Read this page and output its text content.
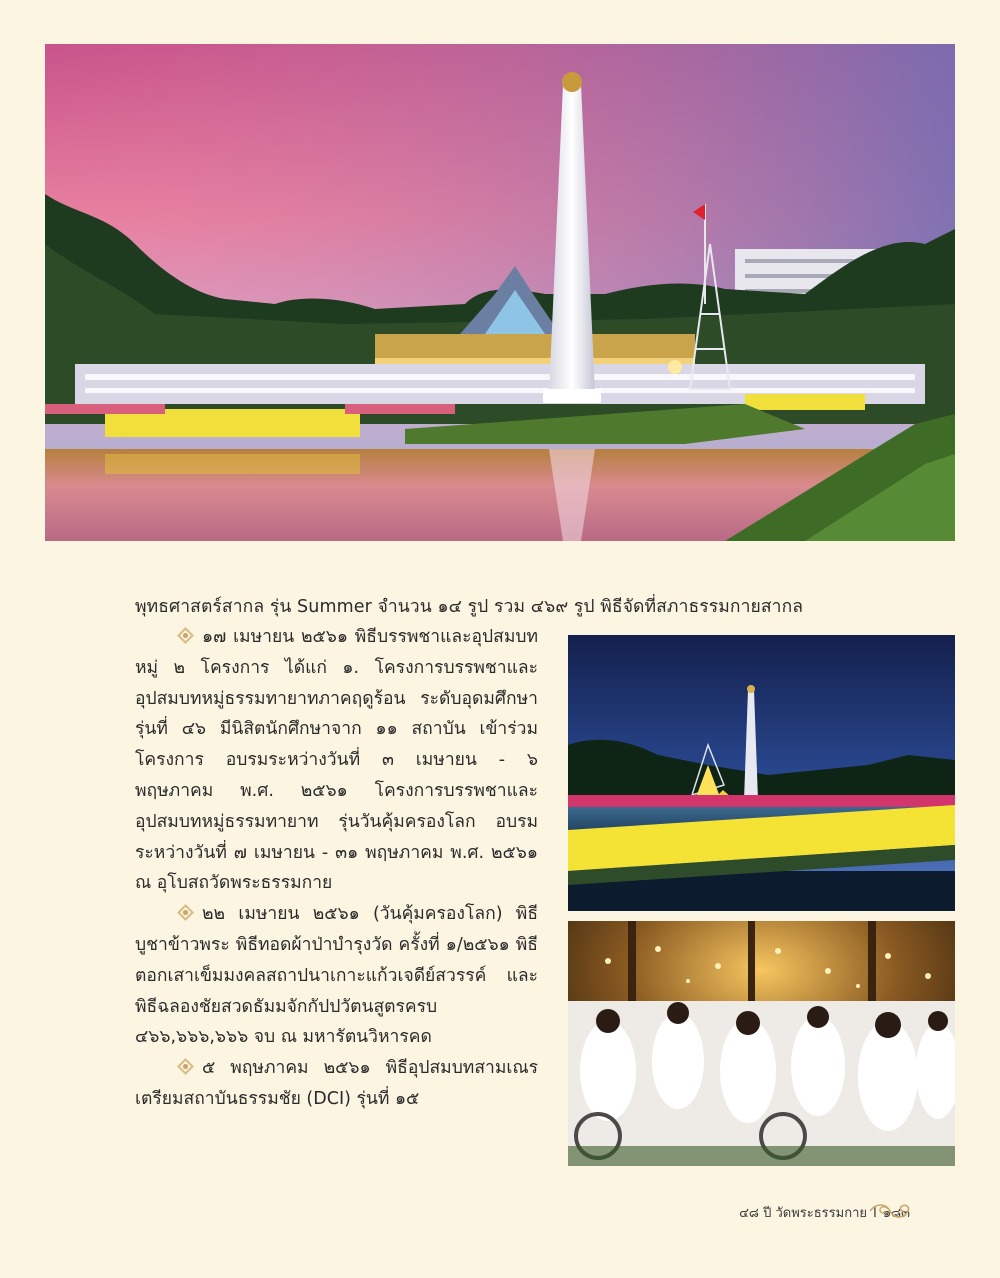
พุทธศาสตร์สากล รุ่น Summer จำนวน ๑๔ รูป รวม ๔๖๙ รูป พิธีจัดที่สภาธรรมกายสากล

๑๗ เมษายน ๒๕๖๑ พิธีบรรพชาและอุปสมบทหมู่ ๒ โครงการ ได้แก่ ๑. โครงการบรรพชาและอุปสมบทหมู่ธรรมทายาทภาคฤดูร้อน ระดับอุดมศึกษา รุ่นที่ ๔๖ มีนิสิตนักศึกษาจาก ๑๑ สถาบัน เข้าร่วมโครงการ อบรมระหว่างวันที่ ๓ เมษายน - ๖ พฤษภาคม พ.ศ. ๒๕๖๑ โครงการบรรพชาและอุปสมบทหมู่ธรรมทายาท รุ่นวันคุ้มครองโลก อบรมระหว่างวันที่ ๗ เมษายน - ๓๑ พฤษภาคม พ.ศ. ๒๕๖๑ ณ อุโบสถวัดพระธรรมกาย

๒๒ เมษายน ๒๕๖๑ (วันคุ้มครองโลก) พิธีบูชาข้าวพระ พิธีทอดผ้าป่าบำรุงวัด ครั้งที่ ๑/๒๕๖๑ พิธีตอกเสาเข็มมงคลสถาปนาเกาะแก้วเจดีย์สวรรค์ และพิธีฉลองชัยสวดธัมมจักกัปปวัตนสูตรครบ ๔๖๖,๖๖๖,๖๖๖ จบ ณ มหารัตนวิหารคด

๕ พฤษภาคม ๒๕๖๑ พิธีอุปสมบทสามเณรเตรียมสถาบันธรรมชัย (DCI) รุ่นที่ ๑๕

๔๘ ปี วัดพระธรรมกาย I ๑๘๓
